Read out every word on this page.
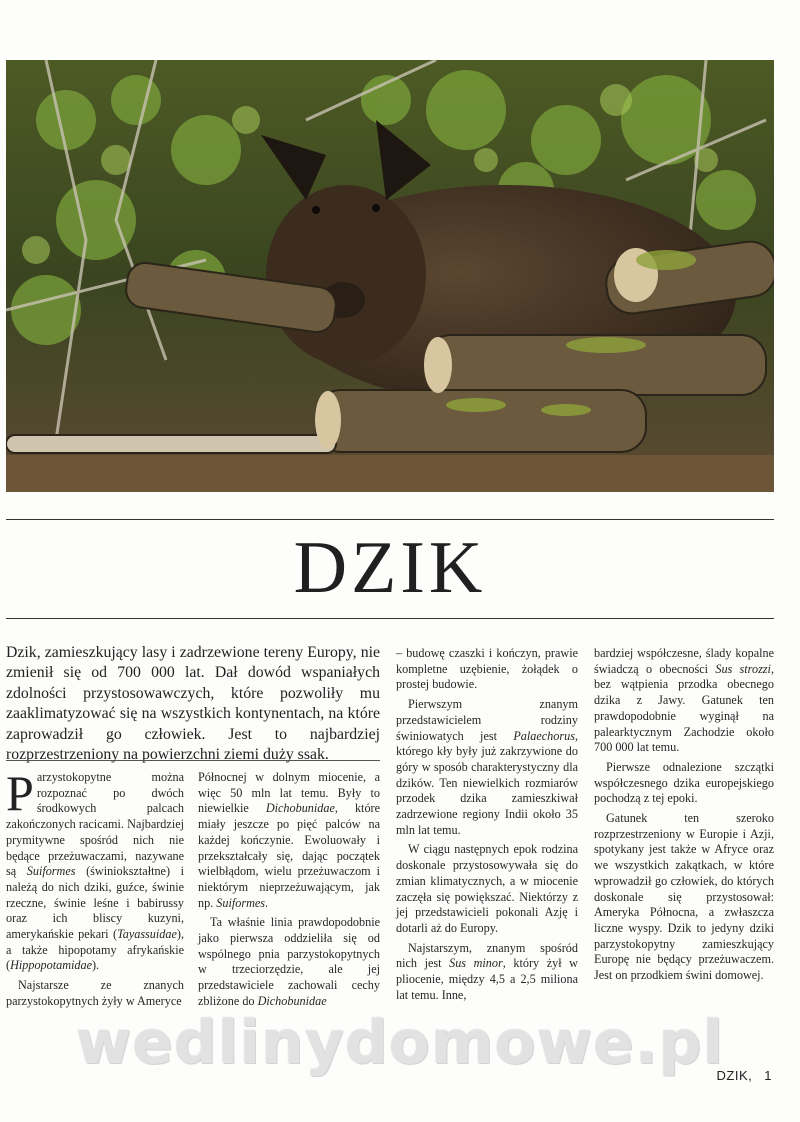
DZIK

Dzik, zamieszkujący lasy i zadrzewione tereny Europy, nie zmienił się od 700 000 lat. Dał dowód wspaniałych zdolności przystosowawczych, które pozwoliły mu zaaklimatyzować się na wszystkich kontynentach, na które zaprowadził go człowiek. Jest to najbardziej rozprzestrzeniony na powierzchni ziemi duży ssak.

Parzystokopytne można rozpoznać po dwóch środkowych palcach zakończonych racicami. Najbardziej prymitywne spośród nich nie będące przeżuwaczami, nazywane są Suiformes (świniokształtne) i należą do nich dziki, guźce, świnie rzeczne, świnie leśne i babirussy oraz ich bliscy kuzyni, amerykańskie pekari (Tayassuidae), a także hipopotamy afrykańskie (Hippopotamidae).

Najstarsze ze znanych parzystokopytnych żyły w Ameryce

Północnej w dolnym miocenie, a więc 50 mln lat temu. Były to niewielkie Dichobunidae, które miały jeszcze po pięć palców na każdej kończynie. Ewoluowały i przekształcały się, dając początek wielbłądom, wielu przeżuwaczom i niektórym nieprzeżuwającym, jak np. Suiformes.

Ta właśnie linia prawdopodobnie jako pierwsza oddzieliła się od wspólnego pnia parzystokopytnych w trzeciorzędzie, ale jej przedstawiciele zachowali cechy zbliżone do Dichobunidae

– budowę czaszki i kończyn, prawie kompletne uzębienie, żołądek o prostej budowie.

Pierwszym znanym przedstawicielem rodziny świniowatych jest Palaechorus, którego kły były już zakrzywione do góry w sposób charakterystyczny dla dzików. Ten niewielkich rozmiarów przodek dzika zamieszkiwał zadrzewione regiony Indii około 35 mln lat temu.

W ciągu następnych epok rodzina doskonale przystosowywała się do zmian klimatycznych, a w miocenie zaczęła się powiększać. Niektórzy z jej przedstawicieli pokonali Azję i dotarli aż do Europy.

Najstarszym, znanym spośród nich jest Sus minor, który żył w pliocenie, między 4,5 a 2,5 miliona lat temu. Inne,

bardziej współczesne, ślady kopalne świadczą o obecności Sus strozzi, bez wątpienia przodka obecnego dzika z Jawy. Gatunek ten prawdopodobnie wyginął na palearktycznym Zachodzie około 700 000 lat temu.

Pierwsze odnalezione szczątki współczesnego dzika europejskiego pochodzą z tej epoki.

Gatunek ten szeroko rozprzestrzeniony w Europie i Azji, spotykany jest także w Afryce oraz we wszystkich zakątkach, w które wprowadził go człowiek, do których doskonale się przystosował: Ameryka Północna, a zwłaszcza liczne wyspy. Dzik to jedyny dziki parzystokopytny zamieszkujący Europę nie będący przeżuwaczem. Jest on przodkiem świni domowej.

wedlinydomowe.pl
DZIK, 1
